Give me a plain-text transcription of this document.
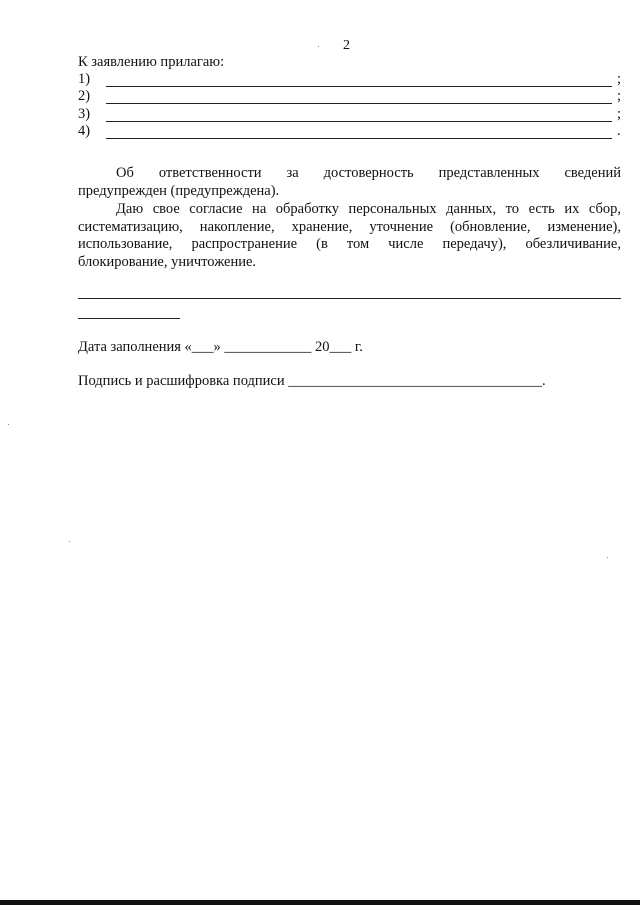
2
К заявлению прилагаю:
1)	;
2)	;
3)	;
4)	.
Об ответственности за достоверность представленных сведений
предупрежден (предупреждена).
Даю свое согласие на обработку персональных данных, то есть их сбор,
систематизацию, накопление, хранение, уточнение (обновление, изменение),
использование, распространение (в том числе передачу), обезличивание,
блокирование, уничтожение.
Дата заполнения «___» ____________ 20___ г.
Подпись и расшифровка подписи ___________________________________.
